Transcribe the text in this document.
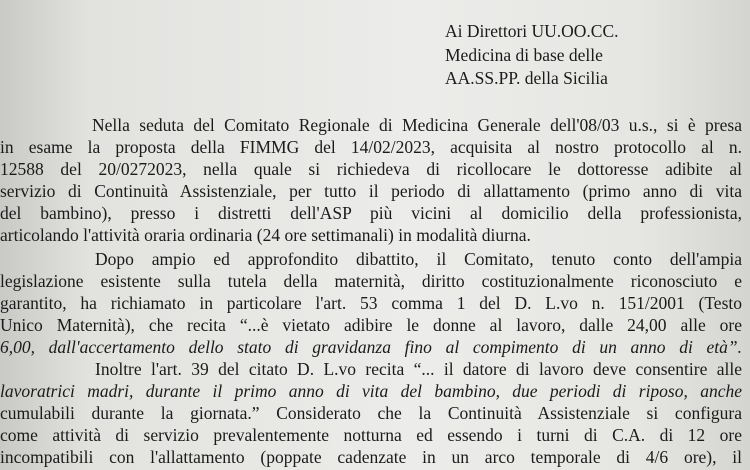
Ai Direttori UU.OO.CC.
Medicina di base delle
AA.SS.PP. della Sicilia
Nella seduta del Comitato Regionale di Medicina Generale dell'08/03 u.s., si è presa
in esame la proposta della FIMMG del 14/02/2023, acquisita al nostro protocollo al n.
12588 del 20/0272023, nella quale si richiedeva di ricollocare le dottoresse adibite al
servizio di Continuità Assistenziale, per tutto il periodo di allattamento (primo anno di vita
del bambino), presso i distretti dell'ASP più vicini al domicilio della professionista,
articolando l'attività oraria ordinaria (24 ore settimanali) in modalità diurna.
Dopo ampio ed approfondito dibattito, il Comitato, tenuto conto dell'ampia
legislazione esistente sulla tutela della maternità, diritto costituzionalmente riconosciuto e
garantito, ha richiamato in particolare l'art. 53 comma 1 del D. L.vo n. 151/2001 (Testo
Unico Maternità), che recita “...è vietato adibire le donne al lavoro, dalle 24,00 alle ore
6,00, dall'accertamento dello stato di gravidanza fino al compimento di un anno di età”.
Inoltre l'art. 39 del citato D. L.vo recita “... il datore di lavoro deve consentire alle
lavoratrici madri, durante il primo anno di vita del bambino, due periodi di riposo, anche
cumulabili durante la giornata.” Considerato che la Continuità Assistenziale si configura
come attività di servizio prevalentemente notturna ed essendo i turni di C.A. di 12 ore
incompatibili con l'allattamento (poppate cadenzate in un arco temporale di 4/6 ore), il
